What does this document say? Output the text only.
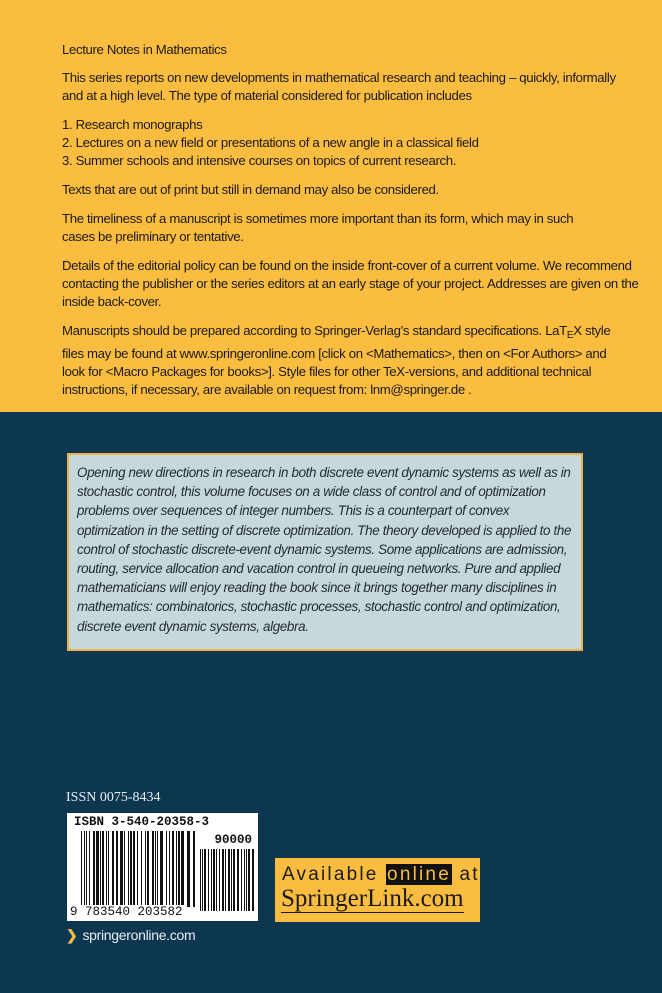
Lecture Notes in Mathematics

This series reports on new developments in mathematical research and teaching – quickly, informally and at a high level. The type of material considered for publication includes

1. Research monographs

2. Lectures on a new field or presentations of a new angle in a classical field

3. Summer schools and intensive courses on topics of current research.

Texts that are out of print but still in demand may also be considered.

The timeliness of a manuscript is sometimes more important than its form, which may in such cases be preliminary or tentative.

Details of the editorial policy can be found on the inside front-cover of a current volume. We recommend contacting the publisher or the series editors at an early stage of your project. Addresses are given on the inside back-cover.

Manuscripts should be prepared according to Springer-Verlag’s standard specifications. LaT$_E$X style files may be found at www.springeronline.com [click on <Mathematics>, then on <For Authors> and look for <Macro Packages for books>]. Style files for other TeX-versions, and additional technical instructions, if necessary, are available on request from: lnm@springer.de .

Opening new directions in research in both discrete event dynamic systems as well as in stochastic control, this volume focuses on a wide class of control and of optimization problems over sequences of integer numbers. This is a counterpart of convex optimization in the setting of discrete optimization. The theory developed is applied to the control of stochastic discrete-event dynamic systems. Some applications are admission, routing, service allocation and vacation control in queueing networks. Pure and applied mathematicians will enjoy reading the book since it brings together many disciplines in mathematics: combinatorics, stochastic processes, stochastic control and optimization, discrete event dynamic systems, algebra.

ISSN 0075-8434
ISBN 3-540-20358-3
90000
9 783540 203582
Available online at
SpringerLink.com
❯ springeronline.com
